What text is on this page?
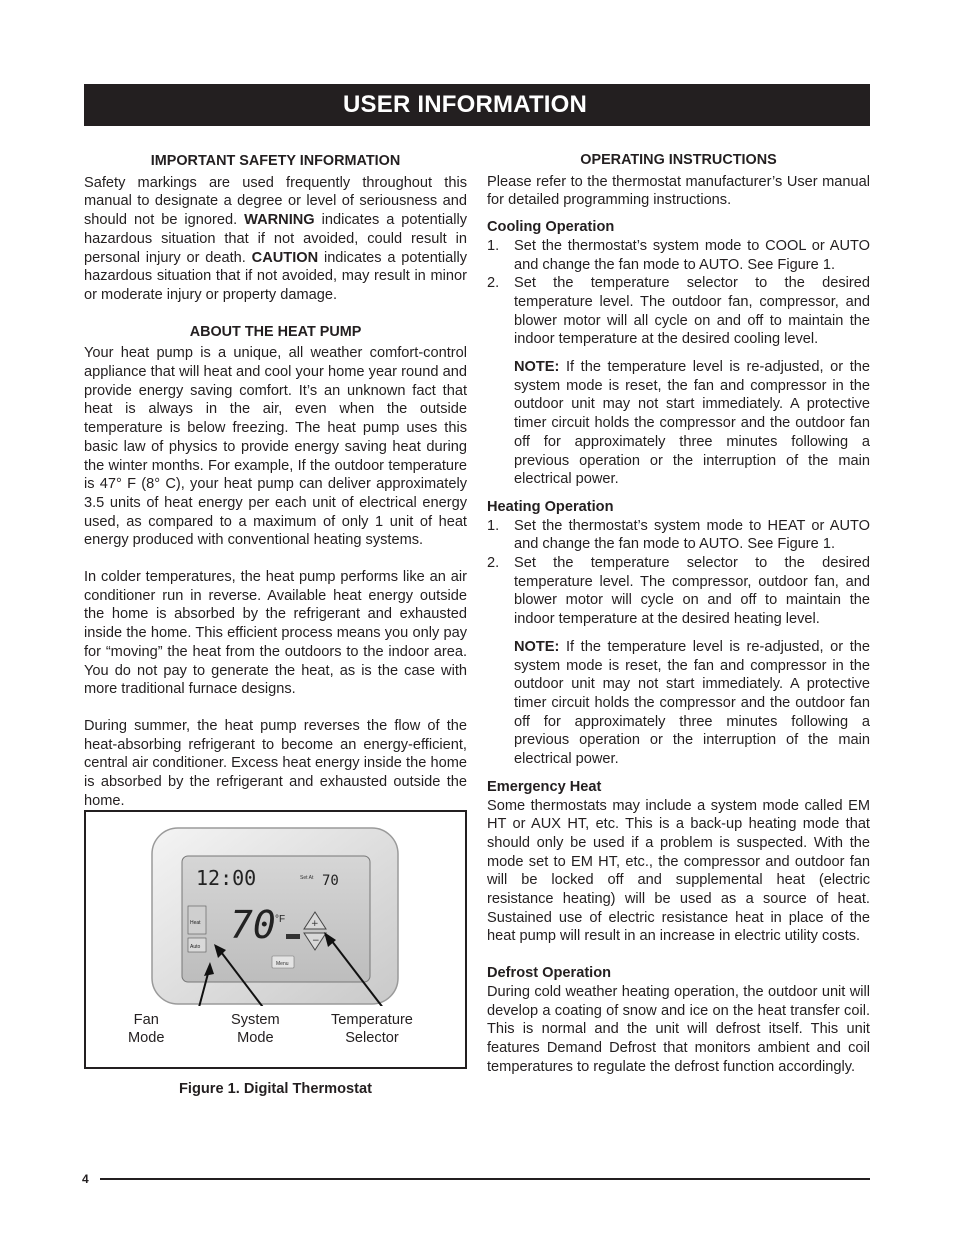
USER INFORMATION
IMPORTANT SAFETY INFORMATION

Safety markings are used frequently throughout this manual to designate a degree or level of seriousness and should not be ignored. WARNING indicates a potentially hazardous situation that if not avoided, could result in personal injury or death. CAUTION indicates a potentially hazardous situation that if not avoided, may result in minor or moderate injury or property damage.

ABOUT THE HEAT PUMP

Your heat pump is a unique, all weather comfort-control appliance that will heat and cool your home year round and provide energy saving comfort. It’s an unknown fact that heat is always in the air, even when the outside temperature is below freezing. The heat pump uses this basic law of physics to provide energy saving heat during the winter months. For example, If the outdoor temperature is 47° F (8° C), your heat pump can deliver approximately 3.5 units of heat energy per each unit of electrical energy used, as compared to a maximum of only 1 unit of heat energy produced with conventional heating systems.

In colder temperatures, the heat pump performs like an air conditioner run in reverse. Available heat energy outside the home is absorbed by the refrigerant and exhausted inside the home. This efficient process means you only pay for “moving” the heat from the outdoors to the indoor area. You do not pay to generate the heat, as is the case with more traditional furnace designs.

During summer, the heat pump reverses the flow of the heat-absorbing refrigerant to become an energy-efficient, central air conditioner. Excess heat energy inside the home is absorbed by the refrigerant and exhausted outside the home.

12:00	Set At 70
Heat
Auto 70 °F	+
−
Menu
Fan
Mode
System
Mode
Temperature
Selector
Figure 1. Digital Thermostat
OPERATING INSTRUCTIONS

Please refer to the thermostat manufacturer’s User manual for detailed programming instructions.

Cooling Operation
1.	Set the thermostat’s system mode to COOL or AUTO and change the fan mode to AUTO. See Figure 1.
2.	Set the temperature selector to the desired temperature level. The outdoor fan, compressor, and blower motor will all cycle on and off to maintain the indoor temperature at the desired cooling level.
NOTE: If the temperature level is re-adjusted, or the system mode is reset, the fan and compressor in the outdoor unit may not start immediately. A protective timer circuit holds the compressor and the outdoor fan off for approximately three minutes following a previous operation or the interruption of the main electrical power.
Heating Operation
1.	Set the thermostat’s system mode to HEAT or AUTO and change the fan mode to AUTO. See Figure 1.
2.	Set the temperature selector to the desired temperature level. The compressor, outdoor fan, and blower motor will cycle on and off to maintain the indoor temperature at the desired heating level.
NOTE: If the temperature level is re-adjusted, or the system mode is reset, the fan and compressor in the outdoor unit may not start immediately. A protective timer circuit holds the compressor and the outdoor fan off for approximately three minutes following a previous operation or the interruption of the main electrical power.
Emergency Heat

Some thermostats may include a system mode called EM HT or AUX HT, etc. This is a back-up heating mode that should only be used if a problem is suspected. With the mode set to EM HT, etc., the compressor and outdoor fan will be locked off and supplemental heat (electric resistance heating) will be used as a source of heat. Sustained use of electric resistance heat in place of the heat pump will result in an increase in electric utility costs.

Defrost Operation

During cold weather heating operation, the outdoor unit will develop a coating of snow and ice on the heat transfer coil. This is normal and the unit will defrost itself. This unit features Demand Defrost that monitors ambient and coil temperatures to regulate the defrost function accordingly.

4
